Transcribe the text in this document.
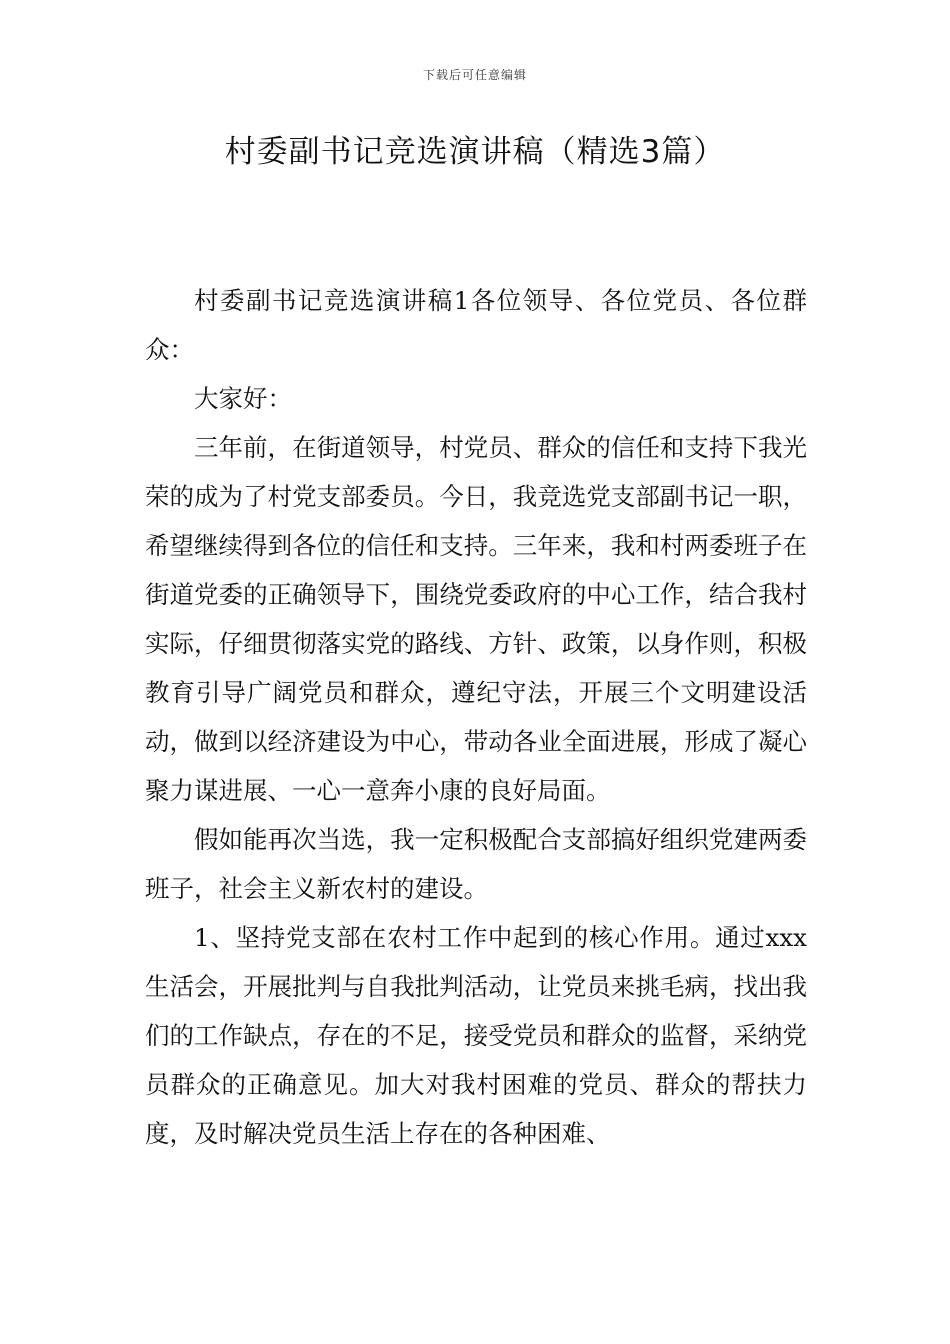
下载后可任意编辑
村委副书记竞选演讲稿（精选3篇）

村委副书记竞选演讲稿1各位领导、各位党员、各位群众：

大家好：

三年前，在街道领导，村党员、群众的信任和支持下我光荣的成为了村党支部委员。今日，我竞选党支部副书记一职，希望继续得到各位的信任和支持。三年来，我和村两委班子在街道党委的正确领导下，围绕党委政府的中心工作，结合我村实际，仔细贯彻落实党的路线、方针、政策，以身作则，积极教育引导广阔党员和群众，遵纪守法，开展三个文明建设活动，做到以经济建设为中心，带动各业全面进展，形成了凝心聚力谋进展、一心一意奔小康的良好局面。

假如能再次当选，我一定积极配合支部搞好组织党建两委班子，社会主义新农村的建设。

1、坚持党支部在农村工作中起到的核心作用。通过xxx生活会，开展批判与自我批判活动，让党员来挑毛病，找出我们的工作缺点，存在的不足，接受党员和群众的监督，采纳党员群众的正确意见。加大对我村困难的党员、群众的帮扶力度，及时解决党员生活上存在的各种困难、
